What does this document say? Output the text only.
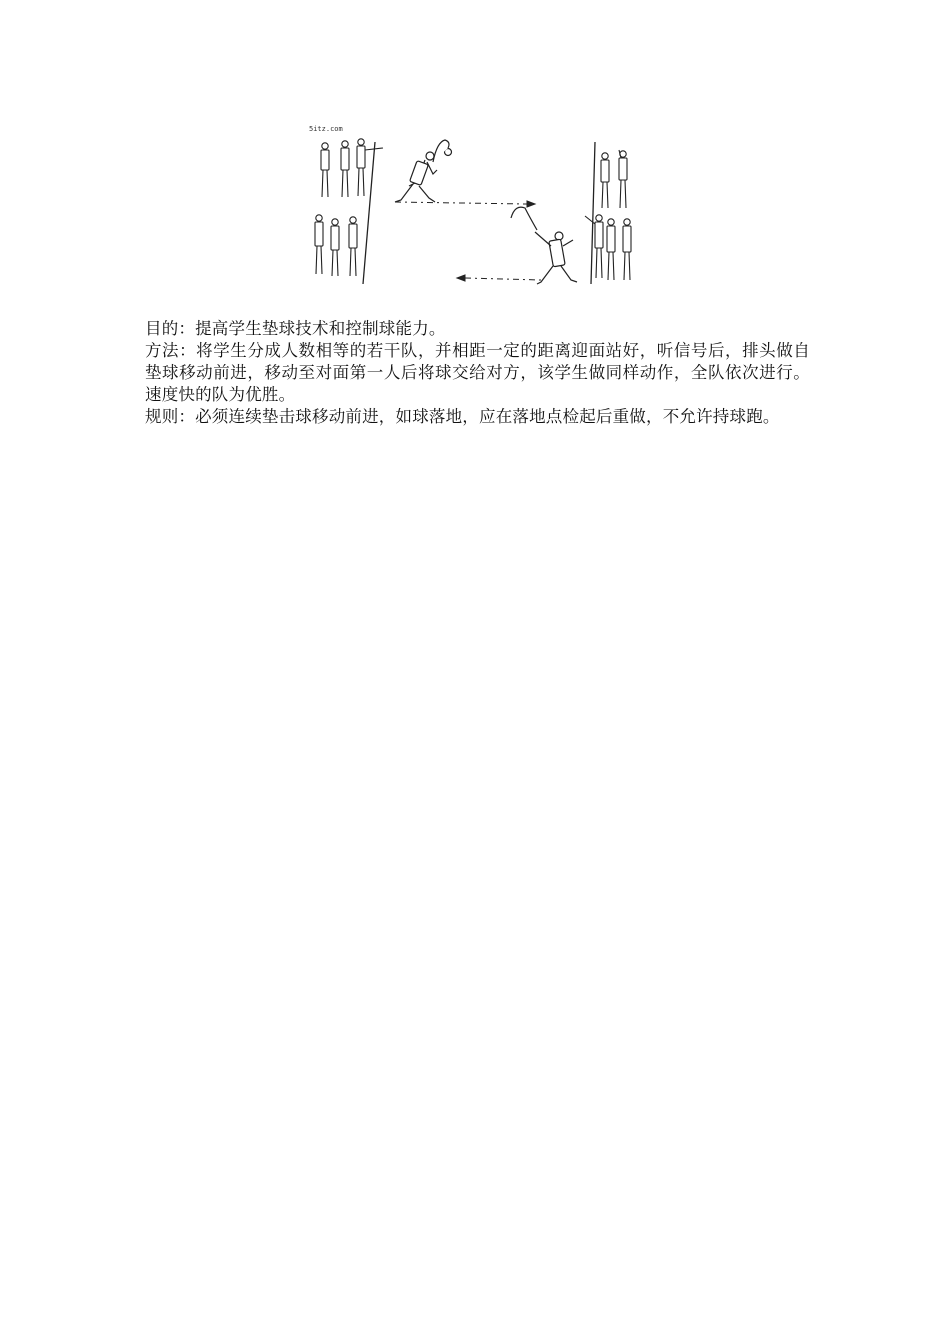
5itz.com

目的：提高学生垫球技术和控制球能力。

方法：将学生分成人数相等的若干队，并相距一定的距离迎面站好，听信号后，排头做自垫球移动前进，移动至对面第一人后将球交给对方，该学生做同样动作，全队依次进行。速度快的队为优胜。

规则：必须连续垫击球移动前进，如球落地，应在落地点检起后重做，不允许持球跑。
